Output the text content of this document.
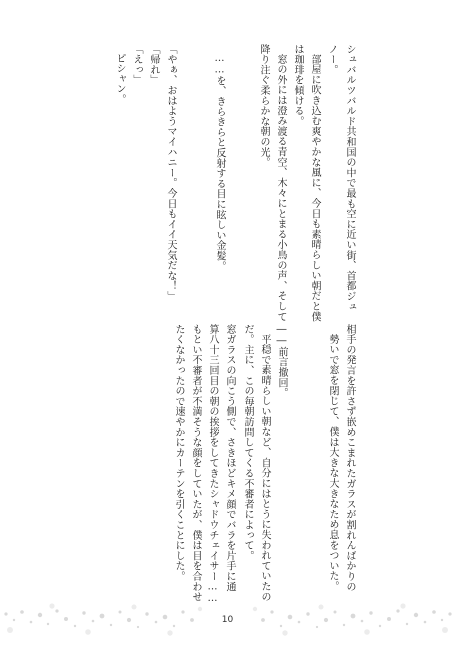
シュバルツバルド共和国の中で最も空に近い街、首都ジュ
ノー。
部屋に吹き込む爽やかな風に、今日も素晴らしい朝だと僕
は珈琲を傾ける。
窓の外には澄み渡る青空、木々にとまる小鳥の声、そして
降り注ぐ柔らかな朝の光。
……を、きらきらと反射する目に眩しい金髪。
「やぁ、おはようマイハニー。今日もイイ天気だな！」
「帰れ」
「えっ」
ピシャン。
相手の発言を許さず嵌めこまれたガラスが割れんばかりの
勢いで窓を閉じて、僕は大きな大きなため息をついた。
――前言撤回。
平穏で素晴らしい朝など、自分にはとうに失われていたの
だ。主に、この毎朝訪問してくる不審者によって。
窓ガラスの向こう側で、さきほどキメ顔でバラを片手に通
算八十三回目の朝の挨拶をしてきたシャドウチェイサー……
もとい不審者が不満そうな顔をしていたが、僕は目を合わせ
たくなかったので速やかにカーテンを引くことにした。
10
